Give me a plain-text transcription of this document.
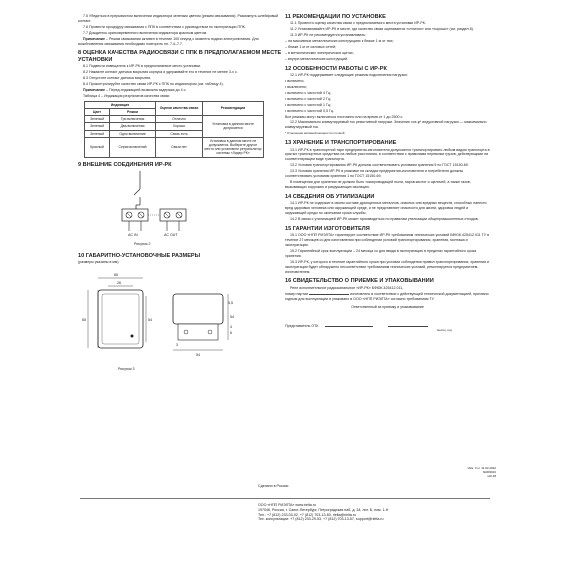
7.5 Убедиться в прерывистом включении индикатора зеленым цветом (режим связывания). Разомкнуть шлейфовый контакт.

7.6 Провести процедуру связывания с ППК в соответствии с руководством по эксплуатации ППК.

7.7 Дождитесь кратковременного включения индикатора красным цветом.

Примечание – Режим связывания активен в течение 100 секунд с момента подачи электропитания. Для возобновления связывания необходимо повторить пп. 7.4–7.7.

8 ОЦЕНКА КАЧЕСТВА РАДИОСВЯЗИ С ППК В ПРЕДПОЛАГАЕМОМ МЕСТЕ УСТАНОВКИ

8.1 Подвести извещатель к ИР-РК в предполагаемое место установки.

8.2 Нажмите контакт датчика вскрытия корпуса и удерживайте его в течение не менее 3-х с.

8.3 Отпустите контакт датчика вскрытия.

8.4 Проконтролируйте качество связи ИР-РК с ППК по индикатором (см. таблицу 4).

Примечание – Перед индикацией возможна задержка до 4 с.

Таблица 4 – Индикация результатов качества связи

Индикация		Оценка качества связи	Рекомендации
Цвет	Режим		
Зеленый	Три включения	Отлично	Установка в данном месте допускается
Зеленый	Два включения	Хорошо	
Зеленый	Одно включение	Связь есть	
Красный	Серия включений	Связи нет	Установка в данном месте не допускается. Выберите другое место или установите ретранслятор системы «Лидер РК»
9 ВНЕШНИЕ СОЕДИНЕНИЯ ИР-РК
AC IN	AC OUT
Рисунок 2
10 ГАБАРИТНО-УСТАНОВОЧНЫЕ РАЗМЕРЫ

(размеры указаны в мм)

65
26
65	54
54
54
4
6
5,5
3
Рисунок 3
11 РЕКОМЕНДАЦИИ ПО УСТАНОВКЕ

11.1 Провести оценку качества связи с предполагаемого места установки ИР-РК.

11.2 Устанавливайте ИР-РК в месте, где качество связи оценивается «отлично» или «хорошо» (см. раздел 8).

11.3 ИР-РК не рекомендуется устанавливать:

– на массивных металлических конструкциях к ближе 1 м от них;

– ближе 1 м от силовых сетей;

– в металлических электрических щитах;

– внутри металлических конструкций.

12 ОСОБЕННОСТИ РАБОТЫ С ИР-РК

12.1 ИР-РК поддерживает следующие режимы подключения нагрузки:

• включено;

• выключено;

• включено с частотой 4 Гц;

• включено с частотой 2 Гц;

• включено с частотой 1 Гц;

• включено с частотой 0,5 Гц.

Все режимы могут включаться постоянно или на время от 1 до 2500 с.

12.2 Максимально коммутируемый ток резистивной нагрузки. Значение cos φ* индуктивной нагрузки — максимально коммутируемый ток.

* Отношение активной мощности к полной

13 ХРАНЕНИЕ И ТРАНСПОРТИРОВАНИЕ

13.1 ИР-РК в транспортной таре предприятия-изготовителя допускается транспортировать любым видом транспорта в крытых транспортных средствах на любые расстояния, в соответствии с правилами перевозки грузов, действующими на соответствующем виде транспорта.

13.2 Условия транспортирования ИР-РК должны соответствовать условиям хранения 5 по ГОСТ 15150-69.

13.3 Условия хранения ИР-РК в упаковке на складах предприятия-изготовителя и потребителя должны соответствовать условиям хранения 1 по ГОСТ 15150-69.

В помещении для хранения не должно быть токопроводящей пыли, паров кислот и щелочей, а также газов, вызывающих коррозию и разрушающих изоляцию.

14 СВЕДЕНИЯ ОБ УТИЛИЗАЦИИ

14.1 ИР-РК не содержит в своем составе драгоценных металлов, опасных или вредных веществ, способных нанести вред здоровью человека или окружающей среде, и не представляет опасности для жизни, здоровья людей и окружающей среды по окончании срока службы.

14.2 В связи с утилизацией ИР-РК может производиться по правилам утилизации общепромышленных отходов.

15 ГАРАНТИИ ИЗГОТОВИТЕЛЯ

15.1 ООО «НПП РИЭЛТА» гарантирует соответствие ИР-РК требованиям технических условий БФЮК.425412.011 ТУ в течение 27 месяцев со дня изготовления при соблюдении условий транспортирования, хранения, монтажа и эксплуатации.

15.2 Гарантийный срок эксплуатации – 24 месяца со дня ввода в эксплуатацию в пределах гарантийного срока хранения.

15.3 ИР-РК, у которого в течение гарантийного срока при условии соблюдения правил транспортирования, хранения и эксплуатации будет обнаружено несоответствие требованиям технических условий, ремонтируется предприятием-изготовителем.

16 СВИДЕТЕЛЬСТВО О ПРИЕМКЕ И УПАКОВЫВАНИИ

Реле исполнительное радиоканальное «ИР-РК» БФЮК.425412.011,

номер партии	изготовлено в соответствии с действующей технической документацией, признано годным для эксплуатации и упаковано в ООО «НПП РИЭЛТА» согласно требованиям ТУ.

Ответственный за приемку и упаковывание

Представитель ОТК
месяц, год
Изм. 3 от 11.02.2022
№009010
з10.48
Сделано в России
ООО «НПП РИЭЛТА» www.rielta.ru
197046, Россия, г. Санкт-Петербург, Петроградская наб, д. 34, лит. Б, пом. 1-Н
Тел.: +7 (812) 233-03-02, +7 (812) 703-13-60, rielta@rielta.ru
Тех. консультации: +7 (812) 233-29-53, +7 (812) 703-13-57, support@rielta.ru
